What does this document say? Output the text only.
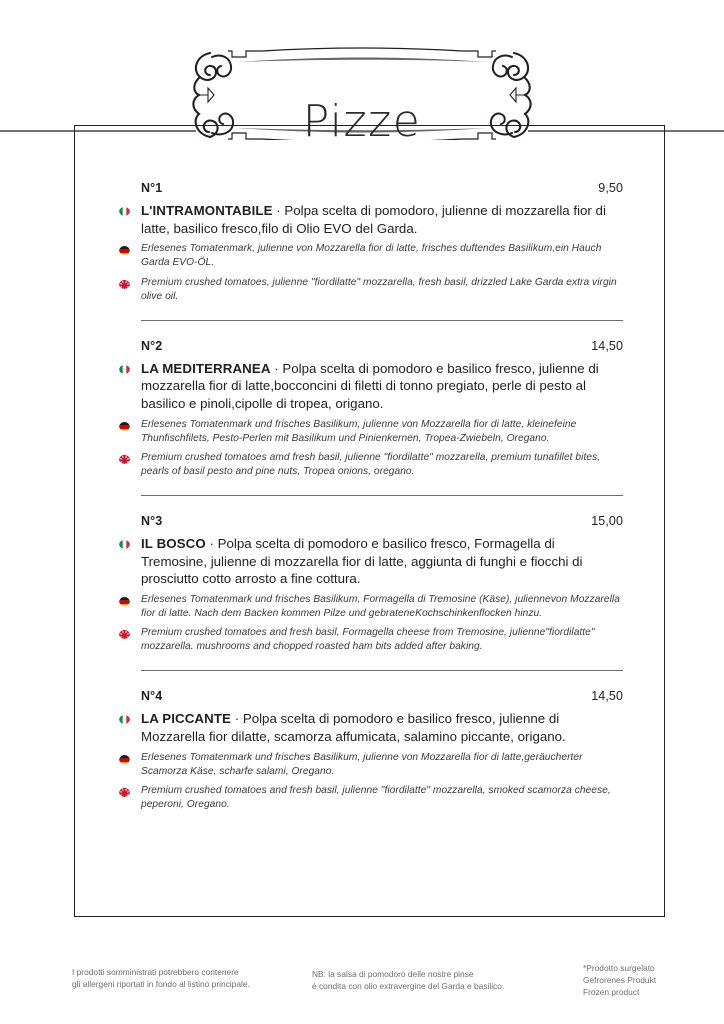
Pizze
N°1	9,50
L'INTRAMONTABILE · Polpa scelta di pomodoro, julienne di mozzarella fior di latte, basilico fresco,filo di Olio EVO del Garda.
Erlesenes Tomatenmark, julienne von Mozzarella fior di latte, frisches duftendes Basilikum,ein Hauch Garda EVO-ÖL.
Premium crushed tomatoes, julienne "fiordilatte" mozzarella, fresh basil, drizzled Lake Garda extra virgin olive oil.
N°2	14,50
LA MEDITERRANEA · Polpa scelta di pomodoro e basilico fresco, julienne di mozzarella fior di latte,bocconcini di filetti di tonno pregiato, perle di pesto al basilico e pinoli,cipolle di tropea, origano.
Erlesenes Tomatenmark und frisches Basilikum, julienne von Mozzarella fior di latte, kleinefeine Thunfischfilets, Pesto-Perlen mit Basilikum und Pinienkernen, Tropea-Zwiebeln, Oregano.
Premium crushed tomatoes amd fresh basil, julienne "fiordilatte" mozzarella, premium tunafillet bites, pearls of basil pesto and pine nuts, Tropea onions, oregano.
N°3	15,00
IL BOSCO · Polpa scelta di pomodoro e basilico fresco, Formagella di Tremosine, julienne di mozzarella fior di latte, aggiunta di funghi e fiocchi di prosciutto cotto arrosto a fine cottura.
Erlesenes Tomatenmark und frisches Basilikum, Formagella di Tremosine (Käse), juliennevon Mozzarella fior di latte. Nach dem Backen kommen Pilze und gebrateneKochschinkenflocken hinzu.
Premium crushed tomatoes and fresh basil, Formagella cheese from Tremosine, julienne"fiordilatte" mozzarella. mushrooms and chopped roasted ham bits added after baking.
N°4	14,50
LA PICCANTE · Polpa scelta di pomodoro e basilico fresco, julienne di Mozzarella fior dilatte, scamorza affumicata, salamino piccante, origano.
Erlesenes Tomatenmark und frisches Basilikum, julienne von Mozzarella fior di latte,geräucherter Scamorza Käse, scharfe salami, Oregano.
Premium crushed tomatoes and fresh basil, julienne "fiordilatte" mozzarella, smoked scamorza cheese, peperoni, Oregano.
I prodotti somministrati potrebbero contenere
gli allergeni riportati in fondo al listino principale.
NB: la salsa di pomodoro delle nostre pinse
è condita con olio extravergine del Garda e basilico.
*Prodotto surgelato
Gefrorenes Produkt
Frozen product
